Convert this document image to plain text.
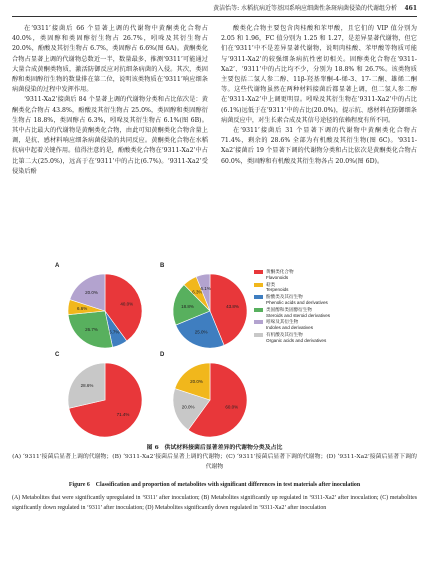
黄洁怡等: 水稻抗病近等基因系响应细菌性条斑病菌侵染的代谢组分析 461

在‘9311’接菌后 66 个显著上调的代谢物中黄酮类化合物占 40.0%，类固醇和类固醇衍生物占 26.7%，吲哚及其衍生物占 20.0%，酚酸及其衍生物占 6.7%，类固醇占 6.6%(图 6A)。黄酮类化合物占显著上调的代谢物总数近一半，数量最多，推测‘9311’可能通过大量合成黄酮类物质，激活防御反应对抗细条病菌的入侵。其次，类固醇和类固醇衍生物的数量排在第二位，说明该类物质在‘9311’响应细条病菌侵染的过程中发挥作用。

‘9311-Xa2’接菌后 84 个显著上调的代谢物分类和占比依次是：黄酮类化合物占 43.8%，酚酸及其衍生物占 25.0%，类固醇和类固醇衍生物占 18.8%，类固醇占 6.3%，吲哚及其衍生物占 6.1%(图 6B)。其中占比最大的代谢物是黄酮类化合物，由此可知黄酮类化合物含量上调，是抗、感材料响应细条病菌侵染的共同反应。黄酮类化合物在水稻抗病中起着关键作用。值得注意的是，酚酸类化合物在‘9311-Xa2’中占比第二大(25.0%)，远高于在‘9311’中的占比(6.7%)。‘9311-Xa2’受侵染后酚

酸类化合物主要包含肉桂酸和苯甲酸，且它们的 VIP 值分别为 2.05 和 1.96，FC 值分别为 1.25 和 1.27，是差异显著代谢物，但它们在‘9311’中不是差异显著代谢物，说明肉桂酸、苯甲酸等物质可能与‘9311-Xa2’的较强细条病抗性密切相关。固醇类化合物在‘9311-Xa2’、‘9311’中的占比均不少，分别为 18.8% 和 26.7%。该类物质主要包括二氢人参二醇、11β-羟基睾酮-4-烯-3、17-二酮、雄烯二酮等。这些代谢物虽然在两种材料接菌后都显著上调，但二氢人参二醇在‘9311-Xa2’中上调更明显。吲哚及其衍生物在‘9311-Xa2’中的占比(6.1%)远低于在‘9311’中的占比(20.0%)，提示抗、感材料在防御细条病菌反应中，对生长素合成及其信号途径的依赖程度有所不同。

在‘9311’接菌后 31 个显著下调的代谢物中黄酮类化合物占 71.4%，剩余的 28.6% 全部为有机酸及其衍生物(图 6C)。‘9311-Xa2’接菌后 19 个显著下调的代谢物分类和占比依次是黄酮类化合物占 60.0%，类固醇和有机酸及其衍生物各占 20.0%(图 6D)。

A
40.0%
6.7%
26.7%
6.6%
20.0%
B
43.8%
25.0%
18.8%
6.3%
6.1%
C
71.4%
28.6%
D
60.0%
20.0%
20.0%
黄酮类化合物
Flavonoids
萜类
Terpenoids
酚酸类及其衍生物
Phenolic acids and derivatives
类固醇和类固醇衍生物
Steroids and steroid derivatives
吲哚及其衍生物
Indoles and derivatives
有机酸及其衍生物
Organic acids and derivatives
图 6　供试材料接菌后显著差异的代谢物分类及占比
(A) ‘9311’接菌后显著上调的代谢物；(B) ‘9311-Xa2’接菌后显著上调的代谢物；(C) ‘9311’接菌后显著下调的代谢物；(D) ‘9311-Xa2’接菌后显著下调的代谢物
Figure 6　Classification and proportion of metabolites with significant differences in test materials after inoculation
(A) Metabolites that were significantly upregulated in ‘9311’ after inoculation; (B) Metabolites significantly up regulated in ‘9311-Xa2’ after inoculation; (C) metabolites significantly down regulated in ‘9311’ after inoculation; (D) Metabolites significantly down regulated in ‘9311-Xa2’ after inoculation
